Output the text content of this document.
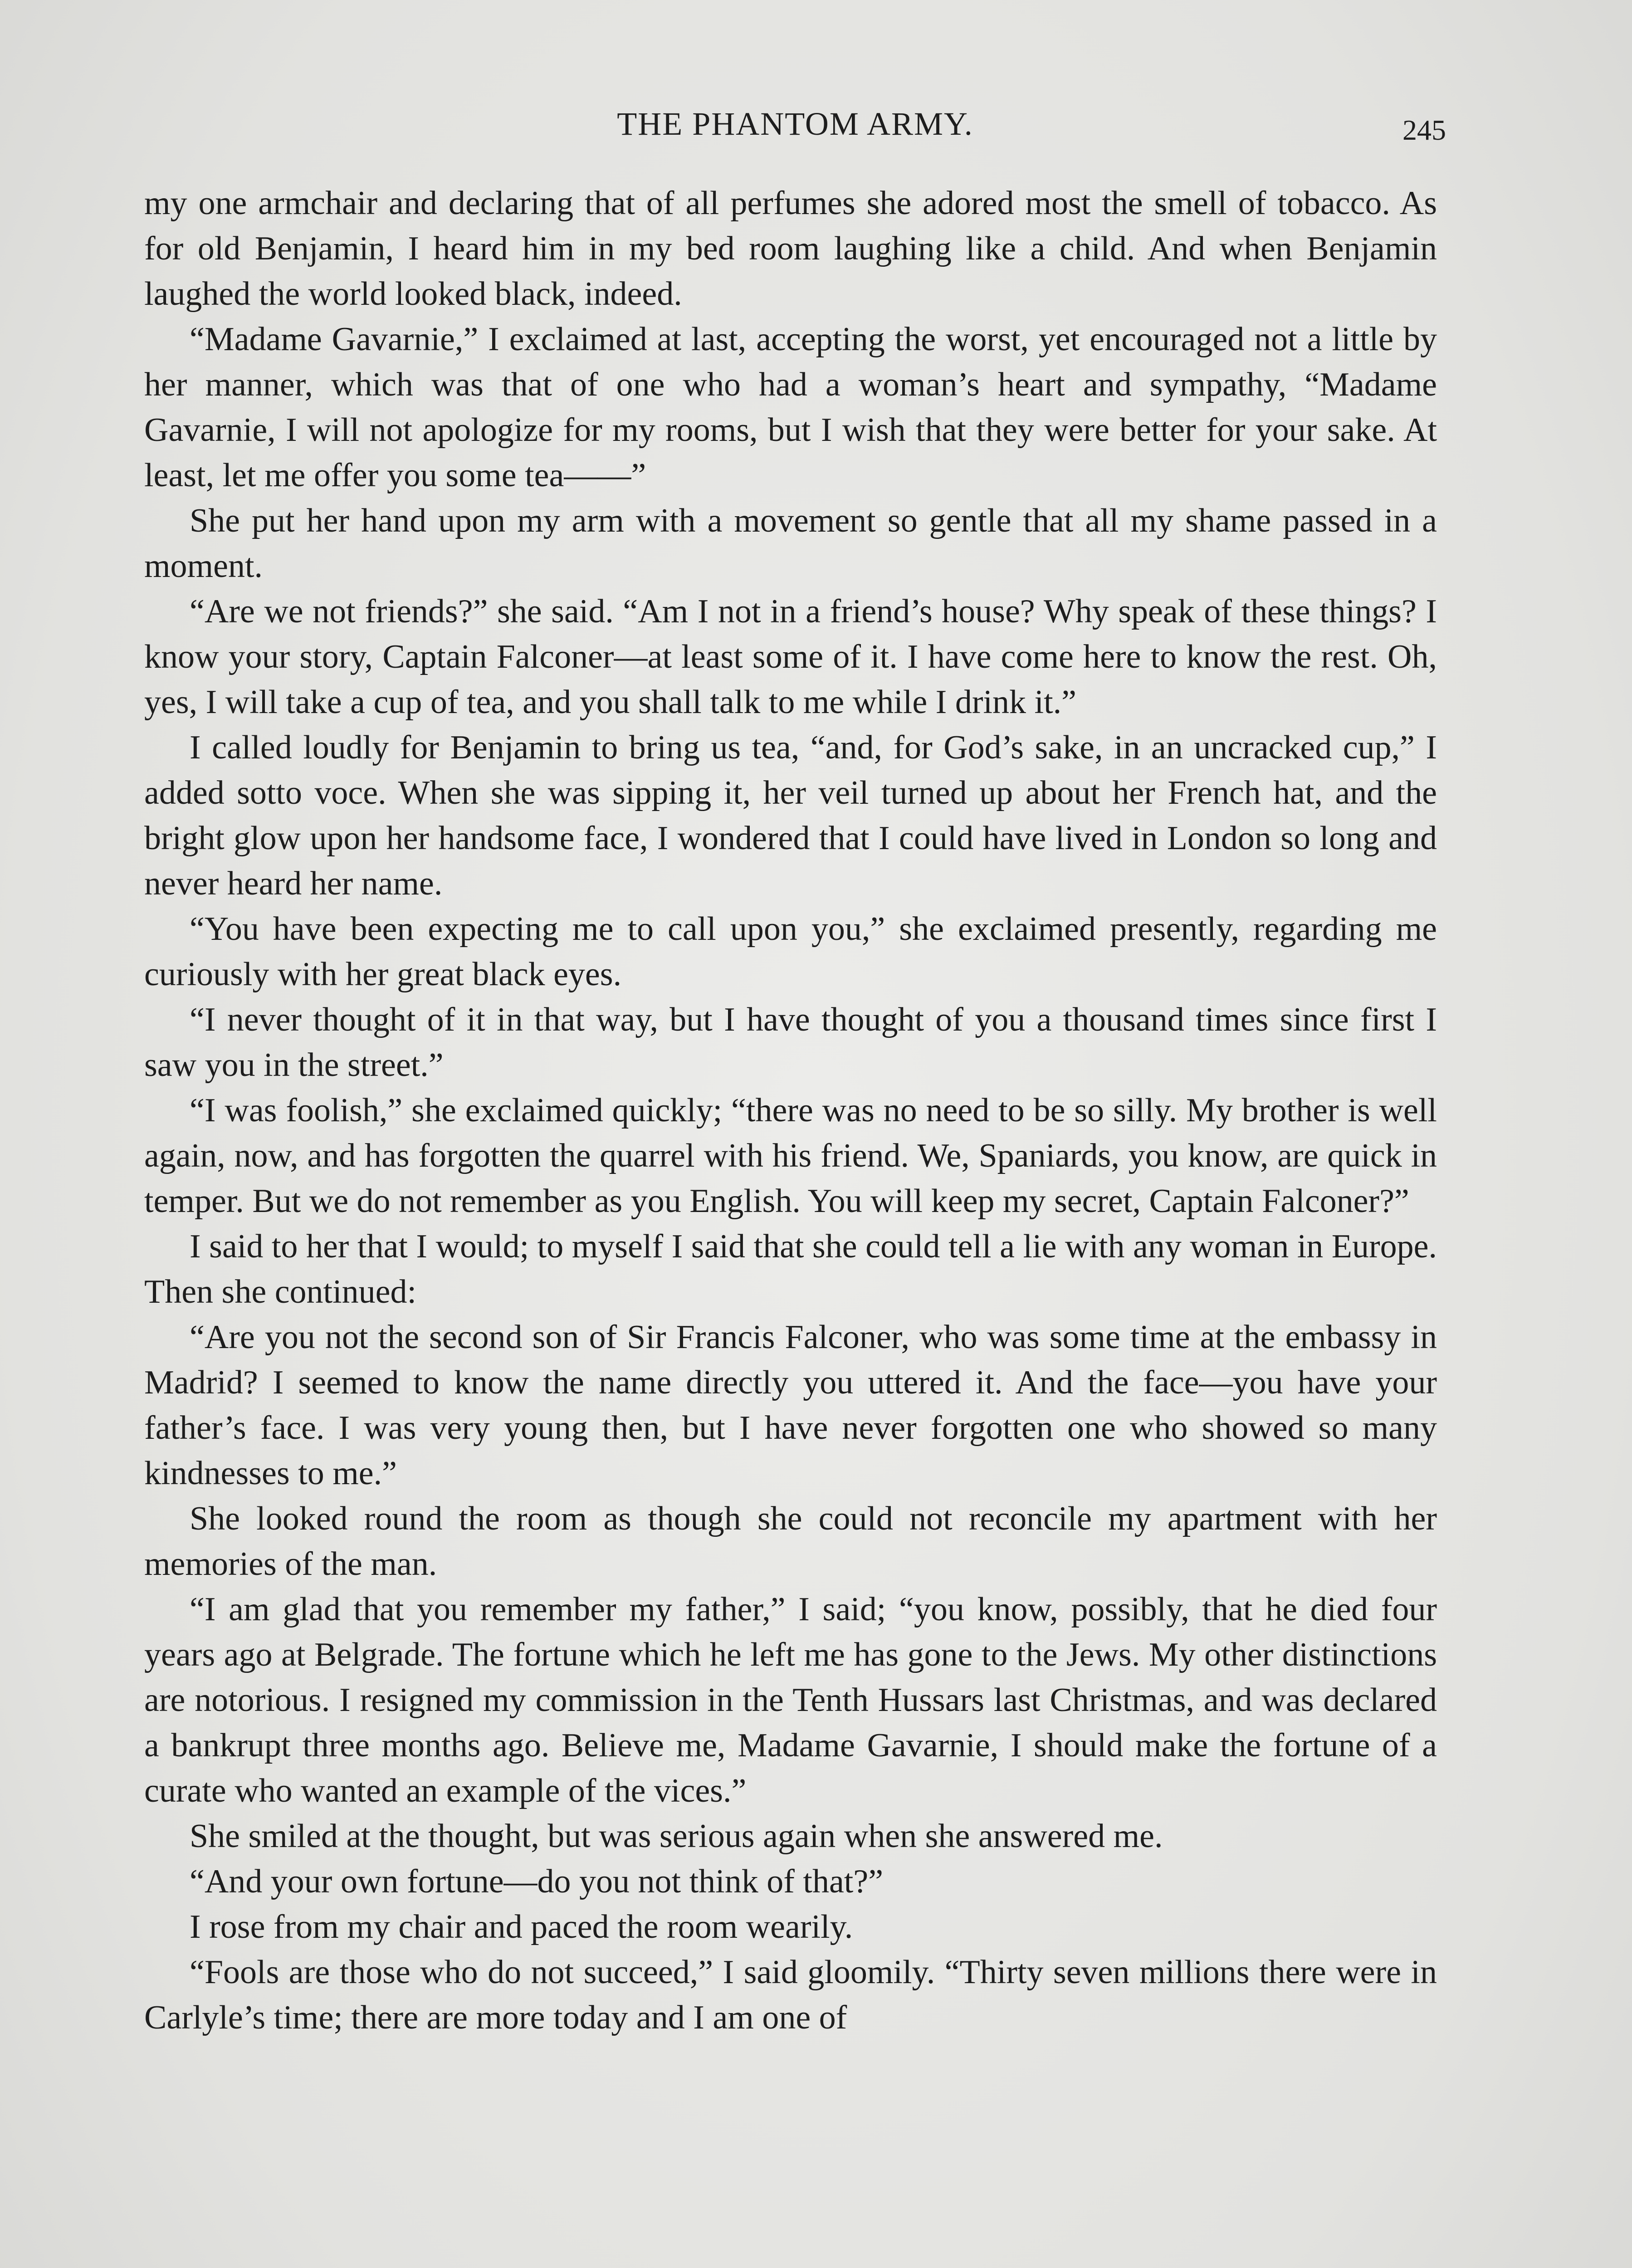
THE PHANTOM ARMY.	245

my one armchair and declaring that of all perfumes she adored most the smell of tobacco. As for old Benjamin, I heard him in my bed room laughing like a child. And when Benjamin laughed the world looked black, indeed.

“Madame Gavarnie,” I exclaimed at last, accepting the worst, yet encouraged not a little by her manner, which was that of one who had a woman’s heart and sympathy, “Madame Gavarnie, I will not apologize for my rooms, but I wish that they were better for your sake. At least, let me offer you some tea——”

She put her hand upon my arm with a movement so gentle that all my shame passed in a moment.

“Are we not friends?” she said. “Am I not in a friend’s house? Why speak of these things? I know your story, Captain Falconer—at least some of it. I have come here to know the rest. Oh, yes, I will take a cup of tea, and you shall talk to me while I drink it.”

I called loudly for Benjamin to bring us tea, “and, for God’s sake, in an uncracked cup,” I added sotto voce. When she was sipping it, her veil turned up about her French hat, and the bright glow upon her handsome face, I wondered that I could have lived in London so long and never heard her name.

“You have been expecting me to call upon you,” she exclaimed presently, regarding me curiously with her great black eyes.

“I never thought of it in that way, but I have thought of you a thousand times since first I saw you in the street.”

“I was foolish,” she exclaimed quickly; “there was no need to be so silly. My brother is well again, now, and has forgotten the quarrel with his friend. We, Spaniards, you know, are quick in temper. But we do not remember as you English. You will keep my secret, Captain Falconer?”

I said to her that I would; to myself I said that she could tell a lie with any woman in Europe. Then she continued:

“Are you not the second son of Sir Francis Falconer, who was some time at the embassy in Madrid? I seemed to know the name directly you uttered it. And the face—you have your father’s face. I was very young then, but I have never forgotten one who showed so many kindnesses to me.”

She looked round the room as though she could not reconcile my apartment with her memories of the man.

“I am glad that you remember my father,” I said; “you know, possibly, that he died four years ago at Belgrade. The fortune which he left me has gone to the Jews. My other distinctions are notorious. I resigned my commission in the Tenth Hussars last Christmas, and was declared a bankrupt three months ago. Believe me, Madame Gavarnie, I should make the fortune of a curate who wanted an example of the vices.”

She smiled at the thought, but was serious again when she answered me.

“And your own fortune—do you not think of that?”

I rose from my chair and paced the room wearily.

“Fools are those who do not succeed,” I said gloomily. “Thirty seven millions there were in Carlyle’s time; there are more today and I am one of
